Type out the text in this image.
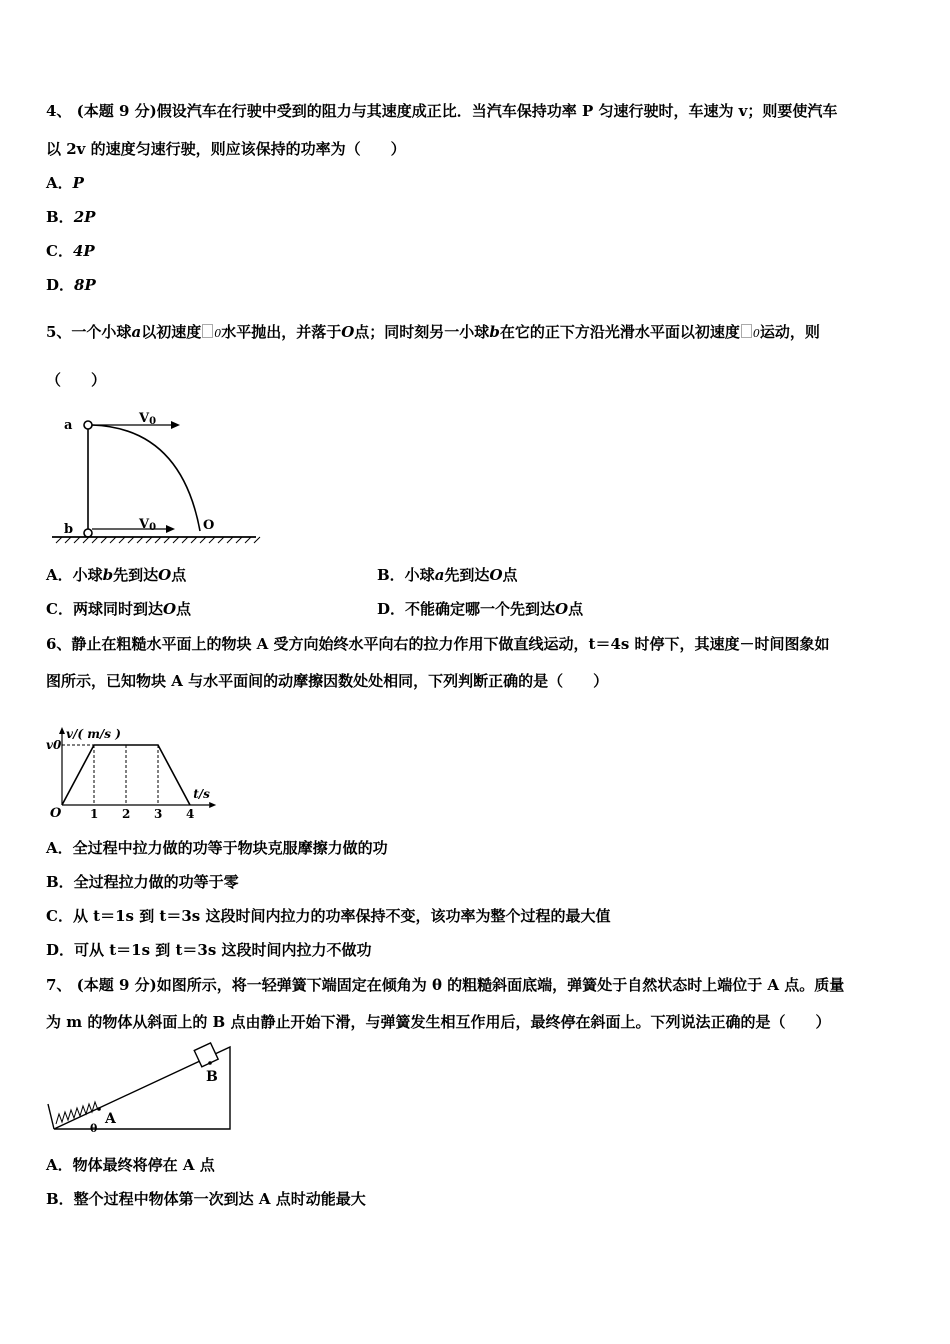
4、 (本题 9 分)假设汽车在行驶中受到的阻力与其速度成正比．当汽车保持功率 P 匀速行驶时，车速为 v；则要使汽车
以 2v 的速度匀速行驶，则应该保持的功率为（　　）
A．P
B．2P
C．4P
D．8P
5、一个小球a以初速度 0水平抛出，并落于O点；同时刻另一小球b在它的正下方沿光滑水平面以初速度 0运动，则
（　　）
a	V0
O
b	V0
A．小球b先到达O点	B．小球a先到达O点
C．两球同时到达O点	D．不能确定哪一个先到达O点
6、静止在粗糙水平面上的物块 A 受方向始终水平向右的拉力作用下做直线运动，t＝4s 时停下，其速度－时间图象如
图所示，已知物块 A 与水平面间的动摩擦因数处处相同，下列判断正确的是（　　）
v/( m/s )
t/s
O
v0
1 2 3 4
A．全过程中拉力做的功等于物块克服摩擦力做的功
B．全过程拉力做的功等于零
C．从 t＝1s 到 t＝3s 这段时间内拉力的功率保持不变，该功率为整个过程的最大值
D．可从 t＝1s 到 t＝3s 这段时间内拉力不做功
7、 (本题 9 分)如图所示，将一轻弹簧下端固定在倾角为 θ 的粗糙斜面底端，弹簧处于自然状态时上端位于 A 点。质量
为 m 的物体从斜面上的 B 点由静止开始下滑，与弹簧发生相互作用后，最终停在斜面上。下列说法正确的是（　　）
A
θ
B
A．物体最终将停在 A 点
B．整个过程中物体第一次到达 A 点时动能最大
